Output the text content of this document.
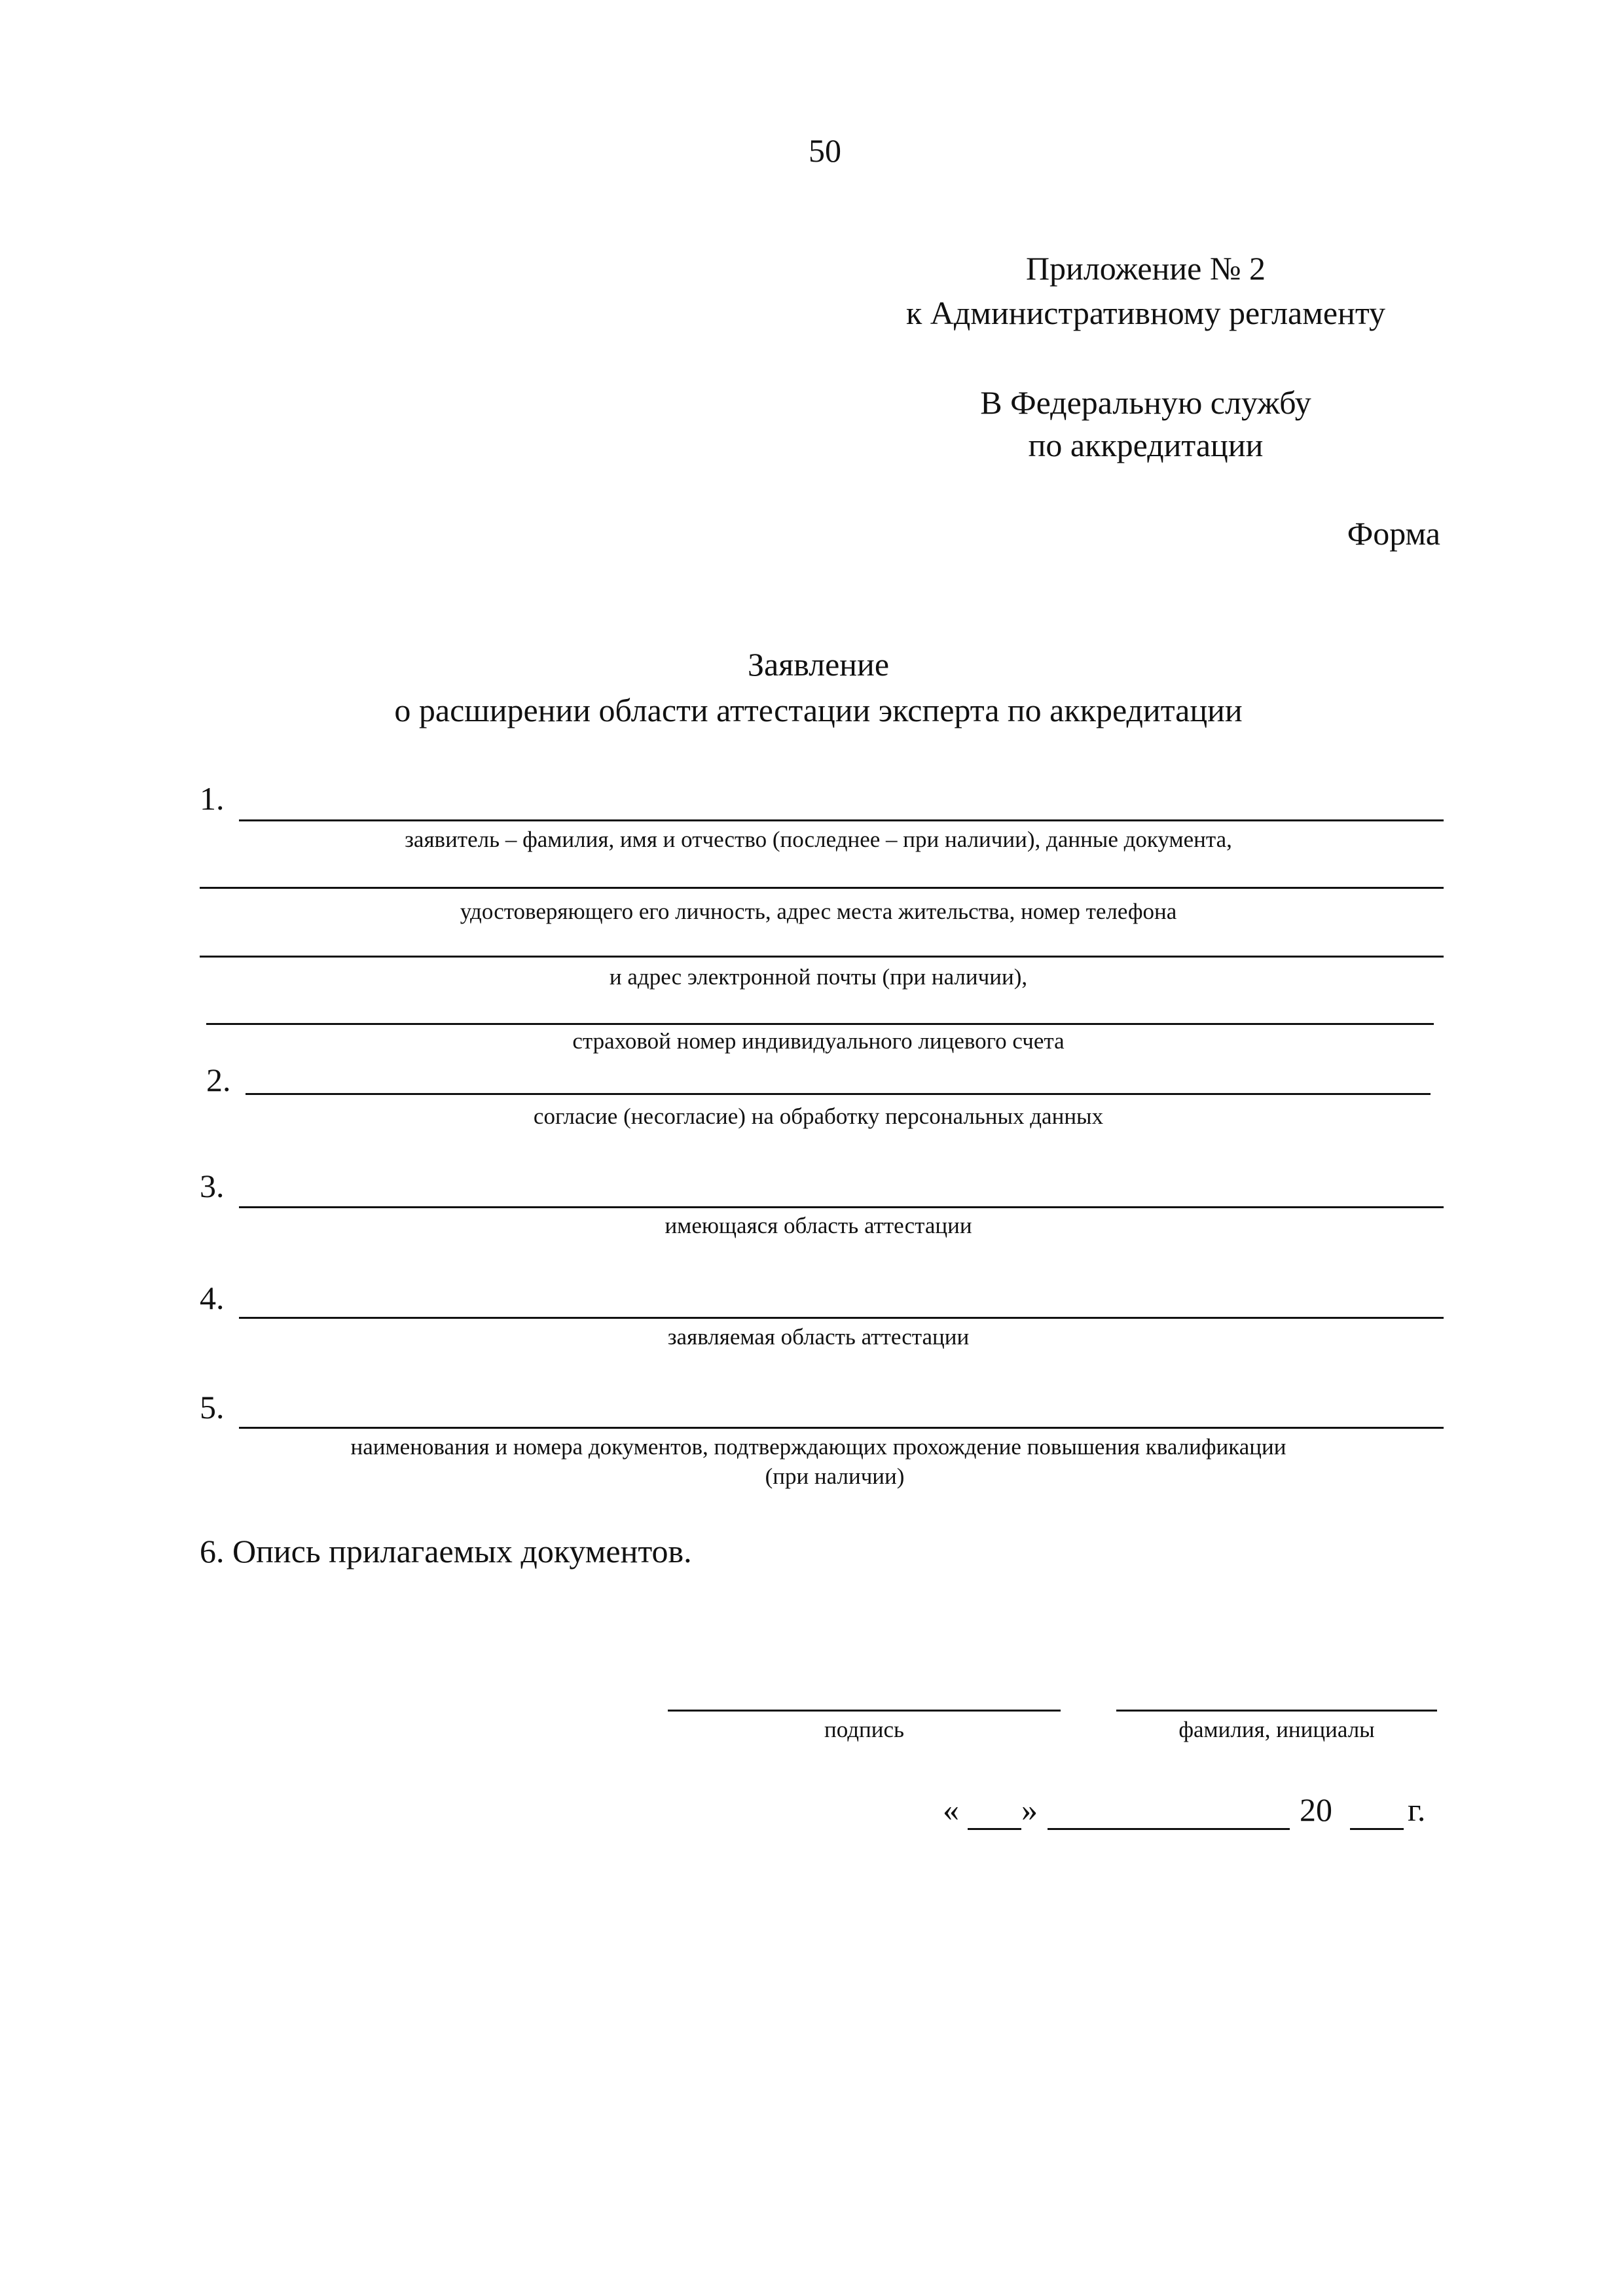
50
Приложение № 2
к Административному регламенту
В Федеральную службу
по аккредитации
Форма
Заявление
о расширении области аттестации эксперта по аккредитации
1.
заявитель – фамилия, имя и отчество (последнее – при наличии), данные документа,
удостоверяющего его личность, адрес места жительства, номер телефона
и адрес электронной почты (при наличии),
страховой номер индивидуального лицевого счета
2.
согласие (несогласие) на обработку персональных данных
3.
имеющаяся область аттестации
4.
заявляемая область аттестации
5.
наименования и номера документов, подтверждающих прохождение повышения квалификации
(при наличии)
6. Опись прилагаемых документов.
подпись	фамилия, инициалы
«	»	20	г.
